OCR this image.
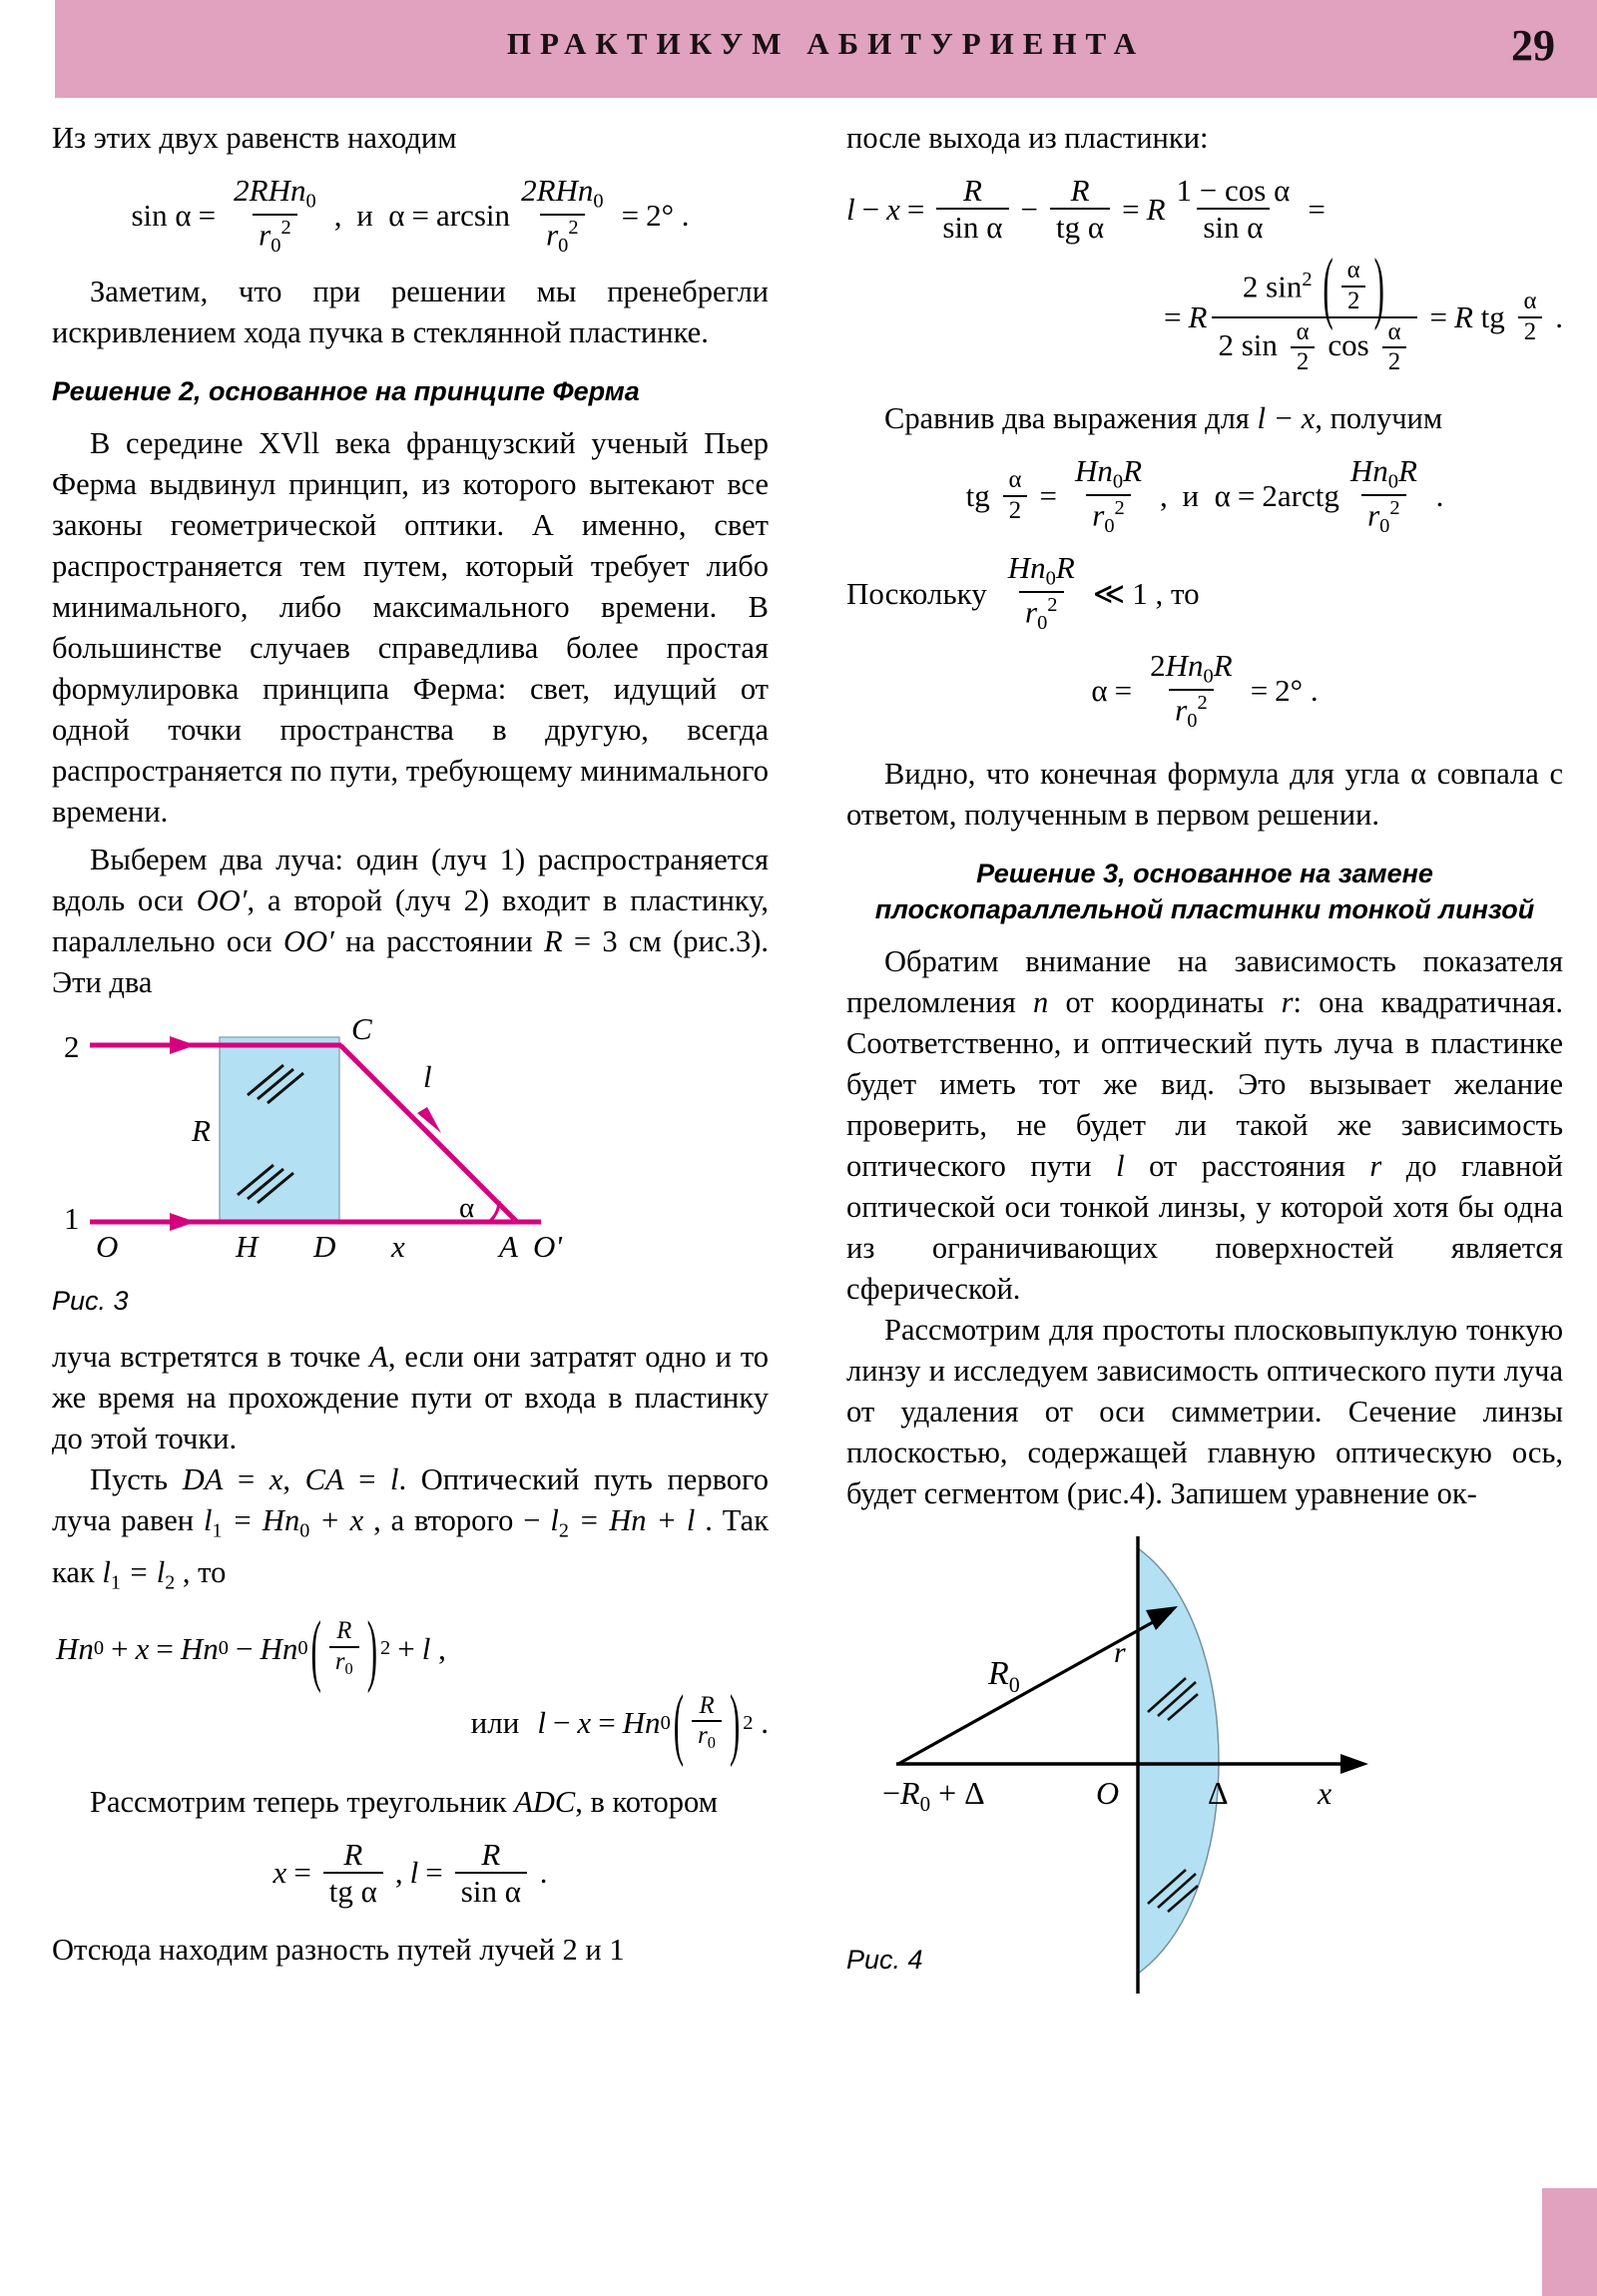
ПРАКТИКУМ АБИТУРИЕНТА	29

Из этих двух равенств находим

$\sin \alpha = \frac{2RHn_0}{r_0^2}$ , и $\alpha = \arcsin \frac{2RHn_0}{r_0^2} = 2^\circ$ .

Заметим, что при решении мы пренебрегли искривлением хода пучка в стеклянной пластинке.

Решение 2, основанное на принципе Ферма

В середине XVll века французский ученый Пьер Ферма выдвинул принцип, из которого вытекают все законы геометрической оптики. А именно, свет распространяется тем путем, который требует либо минимального, либо максимального времени. В большинстве случаев справедлива более простая формулировка принципа Ферма: свет, идущий от одной точки пространства в другую, всегда распространяется по пути, требующему минимального времени.

Выберем два луча: один (луч 1) распространяется вдоль оси OO′, а второй (луч 2) входит в пластинку, параллельно оси OO′ на расстоянии R = 3 см (рис.3). Эти два

2
1
R
C
l
α
O	H D x	A O'
Рис. 3

луча встретятся в точке A, если они затратят одно и то же время на прохождение пути от входа в пластинку до этой точки.

Пусть DA = x, CA = l. Оптический путь первого луча равен $l_1 = Hn_0 + x$ , а второго − $l_2 = Hn + l$ . Так как $l_1 = l_2$ , то

Hn 0 + x = Hn 0 − Hn 0 ( $\frac{R}{r_0}$ ) 2 + l ,
или l − x = Hn 0 ( $\frac{R}{r_0}$ ) 2 .

Рассмотрим теперь треугольник ADC, в котором

$x = \frac{R}{\text{tg α}}$ , $l = \frac{R}{\text{sin α}}$ .

Отсюда находим разность путей лучей 2 и 1

после выхода из пластинки:

$l - x = \frac{R}{\text{sin α}} - \frac{R}{\text{tg α}} = R \frac{\text{1 − cos α}}{\text{sin α}}$ =
= R
2 $\sin^2$ ( $\frac{\alpha}{2}$ )
2 $\sin \frac{\alpha}{2}$ $\cos \frac{\alpha}{2}$
= R tg $\frac{\alpha}{2}$ .

Сравнив два выражения для l − x, получим

tg $\frac{\alpha}{2} = \frac{Hn_0R}{r_0^2}$ , и α = 2arctg $\frac{Hn_0R}{r_0^2}$ .
Поскольку $\frac{Hn_0R}{r_0^2}$ ≪ 1 , то
$\alpha = \frac{2Hn_0R}{r_0^2} = 2^\circ$ .

Видно, что конечная формула для угла α совпала с ответом, полученным в первом решении.

Решение 3, основанное на замене плоскопараллельной пластинки тонкой линзой

Обратим внимание на зависимость показателя преломления n от координаты r: она квадратичная. Соответственно, и оптический путь луча в пластинке будет иметь тот же вид. Это вызывает желание проверить, не будет ли такой же зависимость оптического пути l от расстояния r до главной оптической оси тонкой линзы, у которой хотя бы одна из ограничивающих поверхностей является сферической.

Рассмотрим для простоты плосковыпуклую тонкую линзу и исследуем зависимость оптического пути луча от удаления от оси симметрии. Сечение линзы плоскостью, содержащей главную оптическую ось, будет сегментом (рис.4). Запишем уравнение ок-

$R_0$
r
$-R_0 + \Delta$	O	Δ	x
Рис. 4
